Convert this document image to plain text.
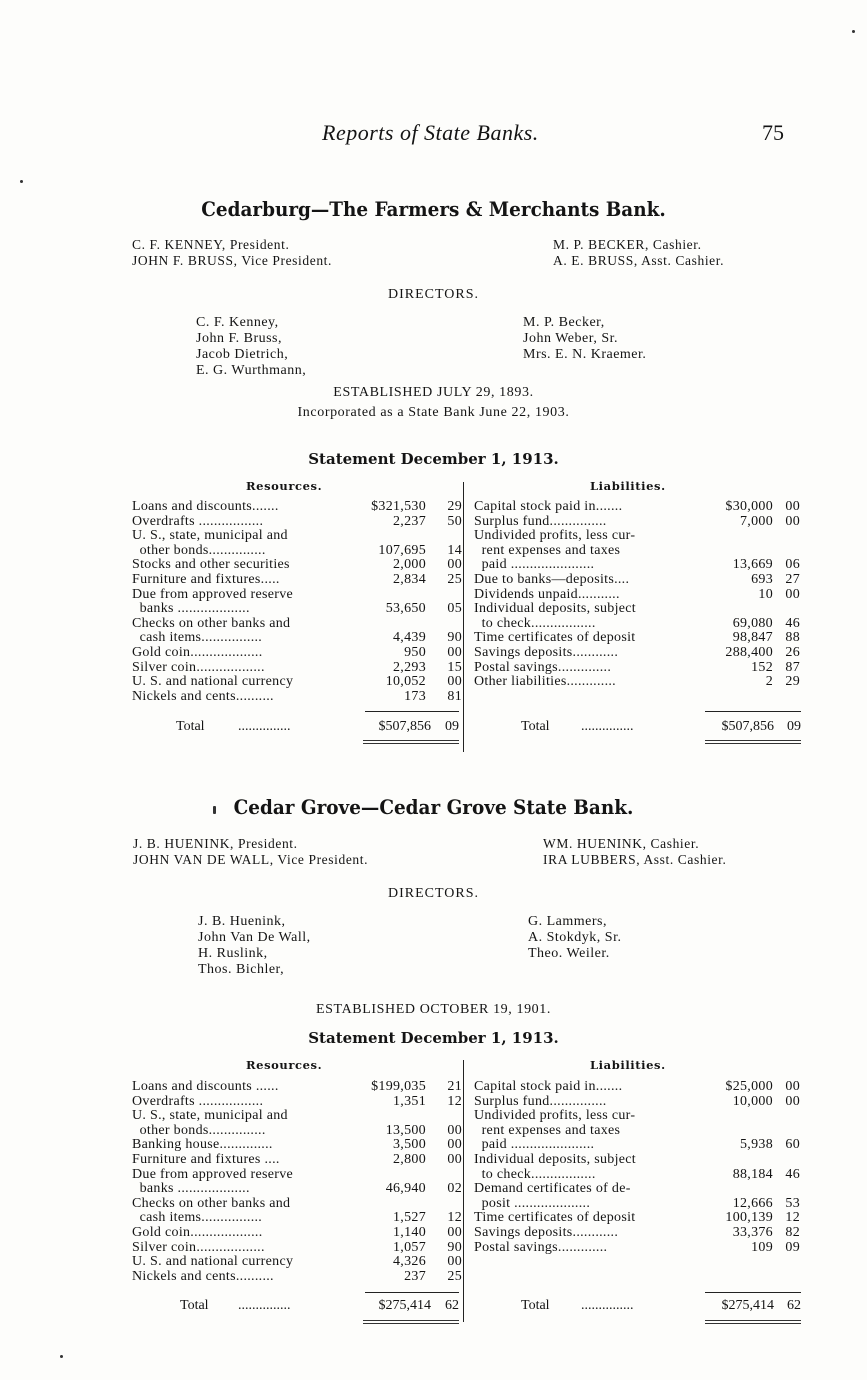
Reports of State Banks.	75
Cedarburg—The Farmers & Merchants Bank.
C. F. KENNEY, President.
JOHN F. BRUSS, Vice President.
M. P. BECKER, Cashier.
A. E. BRUSS, Asst. Cashier.
DIRECTORS.
C. F. Kenney,
John F. Bruss,
Jacob Dietrich,
E. G. Wurthmann,
M. P. Becker,
John Weber, Sr.
Mrs. E. N. Kraemer.
ESTABLISHED JULY 29, 1893.
Incorporated as a State Bank June 22, 1903.
Statement December 1, 1913.
Resources.	Liabilities.
Loans and discounts.......	$321,530 29
Overdrafts .................	2,237 50
U. S., state, municipal and
other bonds...............	107,695 14
Stocks and other securities	2,000 00
Furniture and fixtures.....	2,834 25
Due from approved reserve
banks ...................	53,650 05
Checks on other banks and
cash items................	4,439 90
Gold coin...................	950 00
Silver coin..................	2,293 15
U. S. and national currency	10,052 00
Nickels and cents..........	173 81
Capital stock paid in.......	$30,000 00
Surplus fund...............	7,000 00
Undivided profits, less cur-
rent expenses and taxes
paid ......................	13,669 06
Due to banks—deposits....	693 27
Dividends unpaid...........	10 00
Individual deposits, subject
to check.................	69,080 46
Time certificates of deposit	98,847 88
Savings deposits............	288,400 26
Postal savings..............	152 87
Other liabilities.............	2 29
Total ...............	$507,856 09	Total ...............	$507,856 09
Cedar Grove—Cedar Grove State Bank.
J. B. HUENINK, President.
JOHN VAN DE WALL, Vice President.
WM. HUENINK, Cashier.
IRA LUBBERS, Asst. Cashier.
DIRECTORS.
J. B. Huenink,
John Van De Wall,
H. Ruslink,
Thos. Bichler,
G. Lammers,
A. Stokdyk, Sr.
Theo. Weiler.
ESTABLISHED OCTOBER 19, 1901.
Statement December 1, 1913.
Resources.	Liabilities.
Loans and discounts ......	$199,035 21
Overdrafts .................	1,351 12
U. S., state, municipal and
other bonds...............	13,500 00
Banking house..............	3,500 00
Furniture and fixtures ....	2,800 00
Due from approved reserve
banks ...................	46,940 02
Checks on other banks and
cash items................	1,527 12
Gold coin...................	1,140 00
Silver coin..................	1,057 90
U. S. and national currency	4,326 00
Nickels and cents..........	237 25
Capital stock paid in.......	$25,000 00
Surplus fund...............	10,000 00
Undivided profits, less cur-
rent expenses and taxes
paid ......................	5,938 60
Individual deposits, subject
to check.................	88,184 46
Demand certificates of de-
posit ....................	12,666 53
Time certificates of deposit	100,139 12
Savings deposits............	33,376 82
Postal savings.............	109 09
Total ...............	$275,414 62	Total ...............	$275,414 62
